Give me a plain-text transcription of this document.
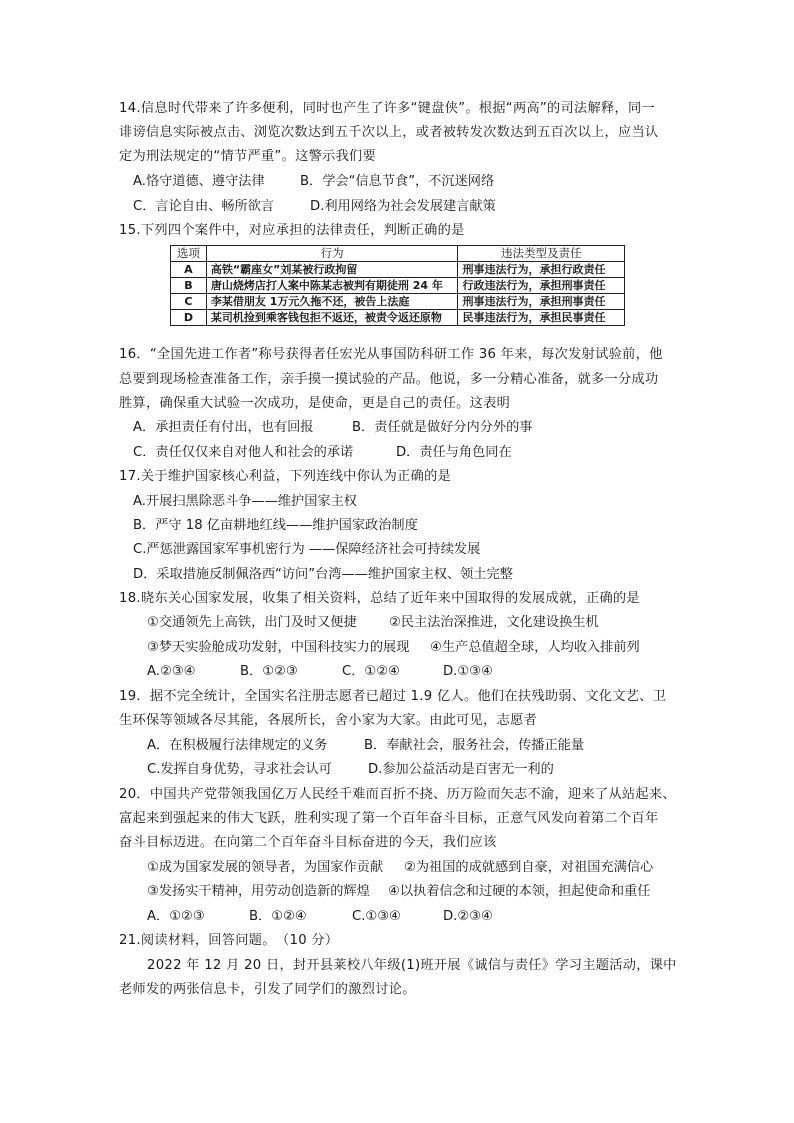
14.信息时代带来了许多便利，同时也产生了许多“键盘侠”。根据“两高”的司法解释，同一
诽谤信息实际被点击、浏览次数达到五千次以上，或者被转发次数达到五百次以上，应当认
定为刑法规定的“情节严重”。这警示我们要
A.恪守道德、遵守法律	B．学会“信息节食”，不沉迷网络
C．言论自由、畅所欲言	D.利用网络为社会发展建言献策
15.下列四个案件中，对应承担的法律责任，判断正确的是
选项	行为	违法类型及责任
A	高铁“霸座女”刘某被行政拘留	刑事违法行为，承担行政责任
B	唐山烧烤店打人案中陈某志被判有期徒刑 24 年	行政违法行为，承担刑事责任
C	李某借朋友 1万元久拖不还，被告上法庭	刑事违法行为，承担刑事责任
D	某司机捡到乘客钱包拒不返还，被责令返还原物	民事违法行为，承担民事责任
16．“全国先进工作者”称号获得者任宏光从事国防科研工作 36 年来，每次发射试验前，他
总要到现场检查准备工作，亲手摸一摸试验的产品。他说，多一分精心准备，就多一分成功
胜算，确保重大试验一次成功，是使命，更是自己的责任。这表明
A．承担责任有付出，也有回报	B．责任就是做好分内分外的事
C．责任仅仅来自对他人和社会的承诺	D．责任与角色同在
17.关于维护国家核心利益，下列连线中你认为正确的是
A.开展扫黑除恶斗争——维护国家主权
B．严守 18 亿亩耕地红线——维护国家政治制度
C.严惩泄露国家军事机密行为 ——保障经济社会可持续发展
D．采取措施反制佩洛西“访问”台湾——维护国家主权、领土完整
18.晓东关心国家发展，收集了相关资料，总结了近年来中国取得的发展成就，正确的是
①交通领先上高铁，出门及时又便捷 ②民主法治深推进，文化建设换生机
③梦天实验舱成功发射，中国科技实力的展现 ④生产总值超全球，人均收入排前列
A.②③④	B．①②③	C．①②④	D.①③④
19．据不完全统计，全国实名注册志愿者已超过 1.9 亿人。他们在扶残助弱、文化文艺、卫
生环保等领域各尽其能，各展所长，舍小家为大家。由此可见，志愿者
A．在积极履行法律规定的义务	B．奉献社会，服务社会，传播正能量
C.发挥自身优势，寻求社会认可	D.参加公益活动是百害无一利的
20．中国共产党带领我国亿万人民经千难而百折不挠、历万险而矢志不渝，迎来了从站起来、
富起来到强起来的伟大飞跃，胜利实现了第一个百年奋斗目标，正意气风发向着第二个百年
奋斗目标迈进。在向第二个百年奋斗目标奋进的今天，我们应该
①成为国家发展的领导者，为国家作贡献 ②为祖国的成就感到自豪，对祖国充满信心
③发扬实干精神，用劳动创造新的辉煌 ④以执着信念和过硬的本领，担起使命和重任
A．①②③	B．①②④	C.①③④	D.②③④
21.阅读材料，回答问题。　（10 分）
2022 年 12 月 20 日，封开县莱校八年级(1)班开展《诚信与责任》学习主题活动，课中
老师发的两张信息卡，引发了同学们的激烈讨论。
